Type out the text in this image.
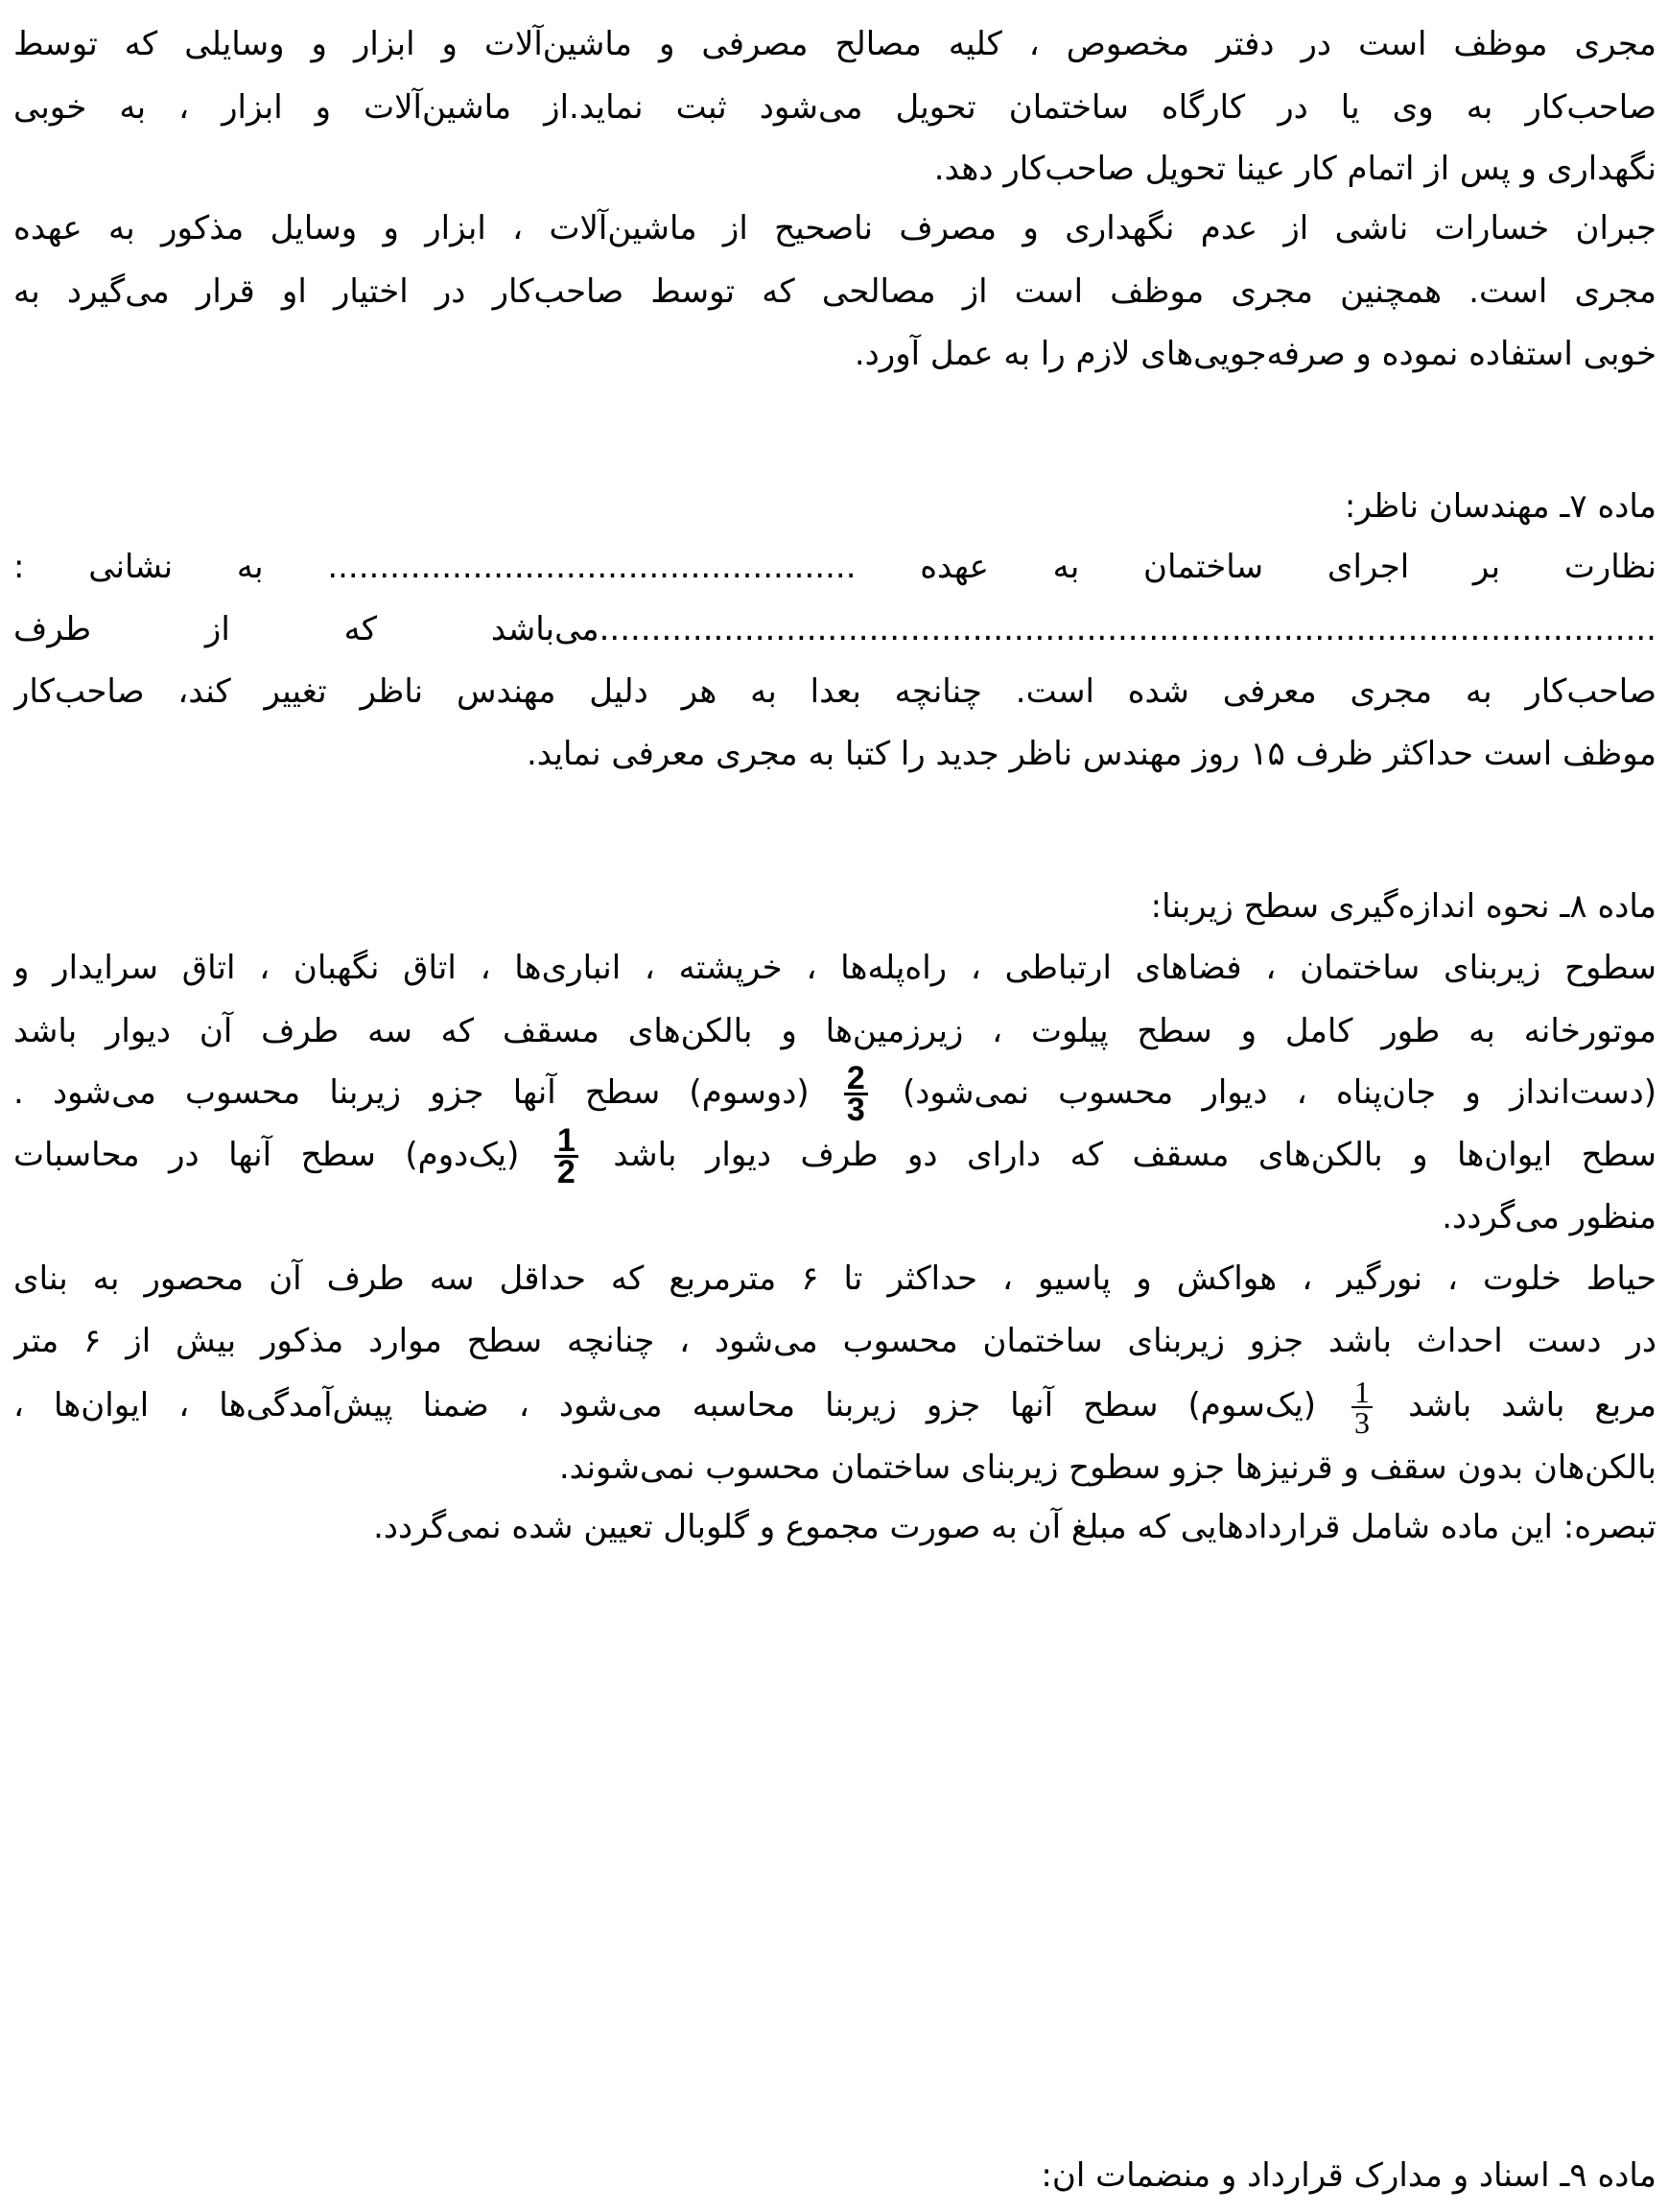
مجری موظف است در دفتر مخصوص ، کلیه مصالح مصرفی و ماشین‌آلات و ابزار و وسایلی که توسط
صاحب‌کار به وی یا در کارگاه ساختمان تحویل می‌شود ثبت نماید.از ماشین‌آلات و ابزار ، به خوبی
نگهداری و پس از اتمام کار عینا تحویل صاحب‌کار دهد.
جبران خسارات ناشی از عدم نگهداری و مصرف ناصحیح از ماشین‌آلات ، ابزار و وسایل مذکور به عهده
مجری است. همچنین مجری موظف است از مصالحی که توسط صاحب‌کار در اختیار او قرار می‌گیرد به
خوبی استفاده نموده و صرفه‌جویی‌های لازم را به عمل آورد.
ماده ۷ـ مهندسان ناظر:
نظارت بر اجرای ساختمان به عهده ................................................... به نشانی :
......................................................................................................می‌باشد که از طرف
صاحب‌کار به مجری معرفی شده است. چنانچه بعدا به هر دلیل مهندس ناظر تغییر کند، صاحب‌کار
موظف است حداکثر ظرف ۱۵ روز مهندس ناظر جدید را کتبا به مجری معرفی نماید.
ماده ۸ـ نحوه اندازه‌گیری سطح زیربنا:
سطوح زیربنای ساختمان ، فضاهای ارتباطی ، راه‌پله‌ها ، خرپشته ، انباری‌ها ، اتاق نگهبان ، اتاق سرایدار و
موتورخانه به طور کامل و سطح پیلوت ، زیرزمین‌ها و بالکن‌های مسقف که سه طرف آن دیوار باشد
(دست‌انداز و جان‌پناه ، دیوار محسوب نمی‌شود)
$\frac{2}{3}$
(دوسوم) سطح آنها جزو زیربنا محسوب می‌شود .
سطح ایوان‌ها و بالکن‌های مسقف که دارای دو طرف دیوار باشد
$\frac{1}{2}$
(یک‌دوم) سطح آنها در محاسبات
منظور می‌گردد.
حیاط خلوت ، نورگیر ، هواکش و پاسیو ، حداکثر تا ۶ مترمربع که حداقل سه طرف آن محصور به بنای
در دست احداث باشد جزو زیربنای ساختمان محسوب می‌شود ، چنانچه سطح موارد مذکور بیش از ۶ متر
مربع باشد باشد
$\frac{1}{3}$
(یک‌سوم) سطح آنها جزو زیربنا محاسبه می‌شود ، ضمنا پیش‌آمدگی‌ها ، ایوان‌ها ،
بالکن‌هان بدون سقف و قرنیزها جزو سطوح زیربنای ساختمان محسوب نمی‌شوند.
تبصره: این ماده شامل قراردادهایی که مبلغ آن به صورت مجموع و گلوبال تعیین شده نمی‌گردد.
ماده ۹ـ اسناد و مدارک قرارداد و منضمات ان:
